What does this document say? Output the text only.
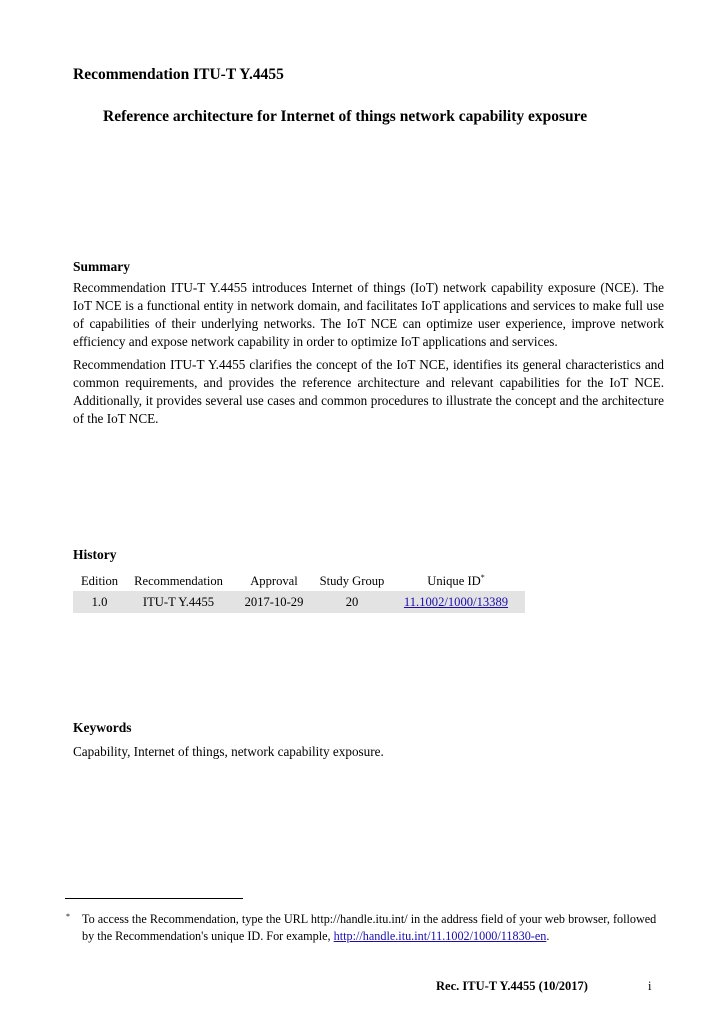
Recommendation ITU-T Y.4455
Reference architecture for Internet of things network capability exposure
Summary

Recommendation ITU-T Y.4455 introduces Internet of things (IoT) network capability exposure (NCE). The IoT NCE is a functional entity in network domain, and facilitates IoT applications and services to make full use of capabilities of their underlying networks. The IoT NCE can optimize user experience, improve network efficiency and expose network capability in order to optimize IoT applications and services.

Recommendation ITU-T Y.4455 clarifies the concept of the IoT NCE, identifies its general characteristics and common requirements, and provides the reference architecture and relevant capabilities for the IoT NCE. Additionally, it provides several use cases and common procedures to illustrate the concept and the architecture of the IoT NCE.

History
Edition	Recommendation	Approval	Study Group	Unique ID*
1.0	ITU-T Y.4455	2017-10-29	20	11.1002/1000/13389
Keywords
Capability, Internet of things, network capability exposure.
* To access the Recommendation, type the URL http://handle.itu.int/ in the address field of your web browser, followed by the Recommendation's unique ID. For example, http://handle.itu.int/11.1002/1000/11830-en.
Rec. ITU-T Y.4455 (10/2017)	i
